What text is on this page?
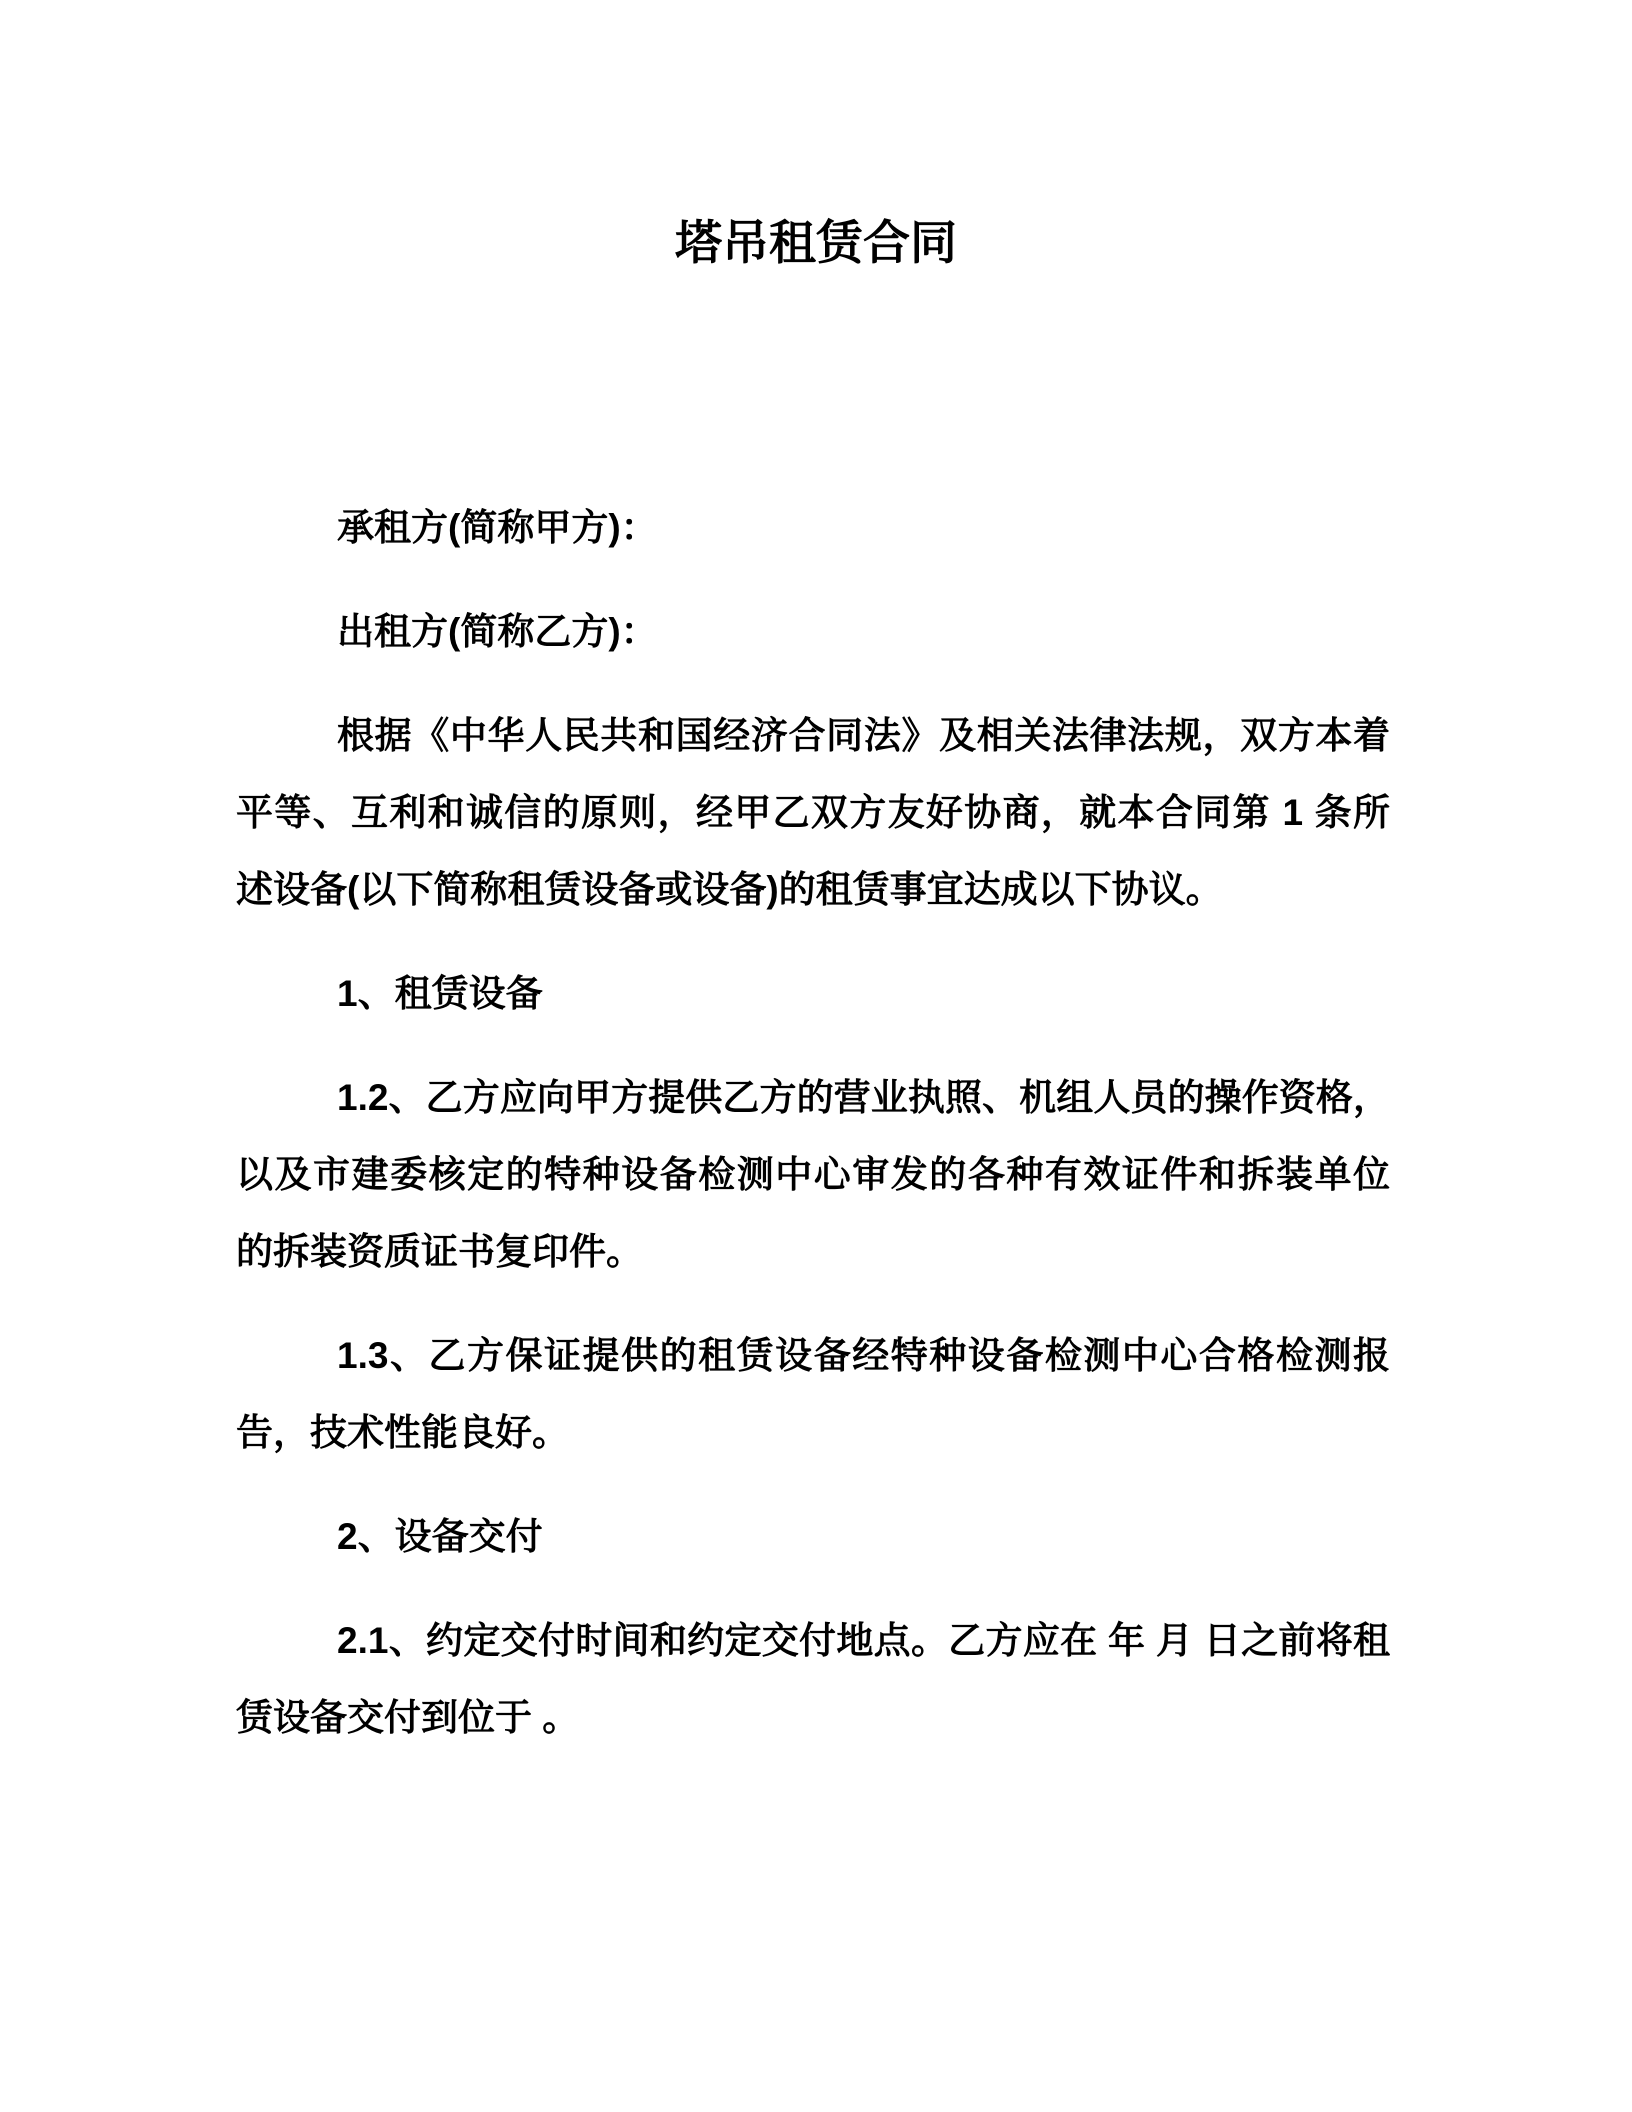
塔吊租赁合同
承租方(简称甲方)：
出租方(简称乙方)：
根据《中华人民共和国经济合同法》及相关法律法规，双方本着
平等、互利和诚信的原则，经甲乙双方友好协商，就本合同第 1 条所
述设备(以下简称租赁设备或设备)的租赁事宜达成以下协议。
1、租赁设备
1.2、乙方应向甲方提供乙方的营业执照、机组人员的操作资格，
以及市建委核定的特种设备检测中心审发的各种有效证件和拆装单位
的拆装资质证书复印件。
1.3、乙方保证提供的租赁设备经特种设备检测中心合格检测报
告，技术性能良好。
2、设备交付
2.1、约定交付时间和约定交付地点。乙方应在 年 月 日之前将租
赁设备交付到位于 。
